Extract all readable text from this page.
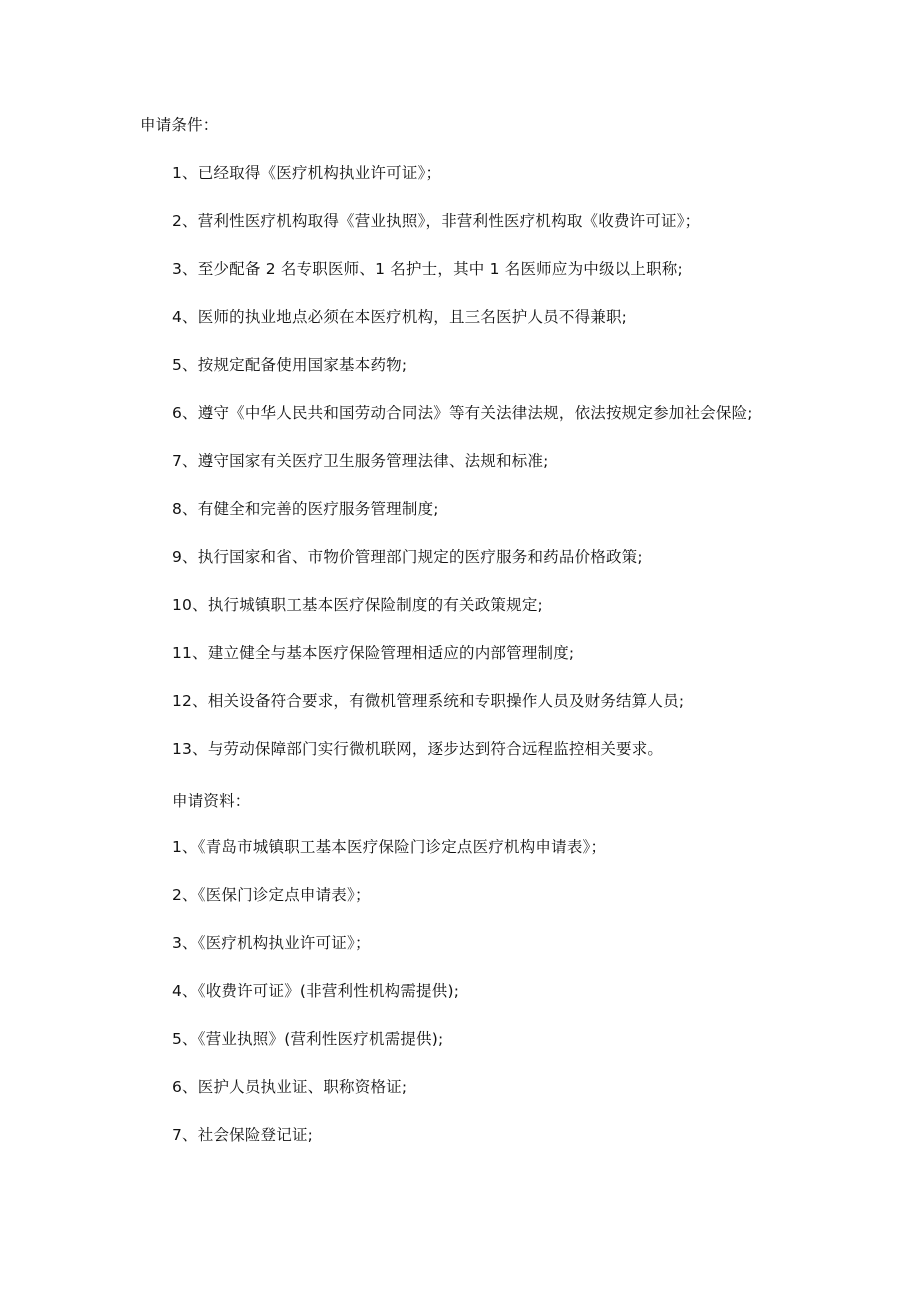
申请条件：
1、已经取得《医疗机构执业许可证》；
2、营利性医疗机构取得《营业执照》，非营利性医疗机构取《收费许可证》；
3、至少配备 2 名专职医师、1 名护士，其中 1 名医师应为中级以上职称;
4、医师的执业地点必须在本医疗机构，且三名医护人员不得兼职;
5、按规定配备使用国家基本药物;
6、遵守《中华人民共和国劳动合同法》等有关法律法规，依法按规定参加社会保险;
7、遵守国家有关医疗卫生服务管理法律、法规和标准;
8、有健全和完善的医疗服务管理制度;
9、执行国家和省、市物价管理部门规定的医疗服务和药品价格政策;
10、执行城镇职工基本医疗保险制度的有关政策规定;
11、建立健全与基本医疗保险管理相适应的内部管理制度;
12、相关设备符合要求，有微机管理系统和专职操作人员及财务结算人员;
13、与劳动保障部门实行微机联网，逐步达到符合远程监控相关要求。
申请资料：
1、《青岛市城镇职工基本医疗保险门诊定点医疗机构申请表》；
2、《医保门诊定点申请表》；
3、《医疗机构执业许可证》；
4、《收费许可证》(非营利性机构需提供);
5、《营业执照》(营利性医疗机需提供);
6、医护人员执业证、职称资格证;
7、社会保险登记证;
